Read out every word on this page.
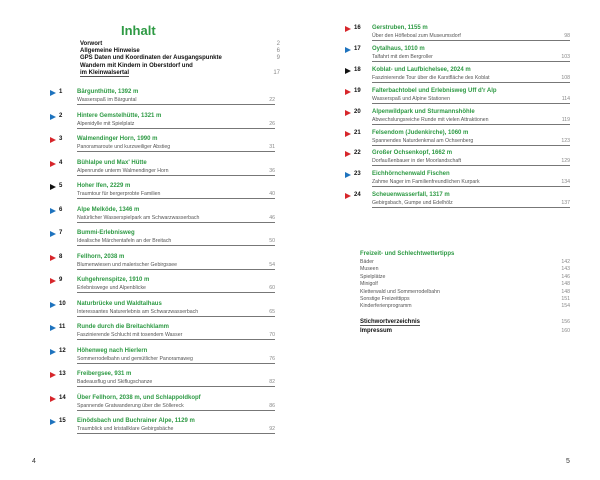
Inhalt
Vorwort	2
Allgemeine Hinweise	6
GPS Daten und Koordinaten der Ausgangspunkte	9
Wandern mit Kindern in Oberstdorf und
im Kleinwalsertal	17
1 Bärgunthütte, 1392 m
Wasserspaß im Bärguntal	22
2 Hintere Gemstelhütte, 1321 m
Alpenidylle mit Spielplatz	26
3 Walmendinger Horn, 1990 m
Panoramaroute und kurzweiliger Abstieg	31
4 Bühlalpe und Max' Hütte
Alpenrunde unterm Walmendinger Horn	36
5 Hoher Ifen, 2229 m
Traumtour für bergerprobte Familien	40
6 Alpe Melköde, 1346 m
Natürlicher Wasserspielpark am Schwarzwasserbach	46
7 Bummi-Erlebnisweg
Idealische Märchentafeln an der Breitach	50
8 Fellhorn, 2038 m
Blumenwiesen und malerischer Gebirgssee	54
9 Kuhgehrenspitze, 1910 m
Erlebniswege und Alpenblicke	60
10 Naturbrücke und Waldtalhaus
Interessantes Naturerlebnis am Schwarzwasserbach	65
11 Runde durch die Breitachklamm
Faszinierende Schlucht mit tosendem Wasser	70
12 Höhenweg nach Hierlern
Sommerrodelbahn und gemütlicher Panoramaweg	76
13 Freibergsee, 931 m
Badeausflug und Skiflugschanze	82
14 Über Fellhorn, 2038 m, und Schlappoldkopf
Spannende Gratwanderung über die Söllereck	86
15 Einödsbach und Buchrainer Alpe, 1129 m
Traumblick und kristallklare Gebirgsbäche	92
4
16 Gerstruben, 1155 m
Über den Höfleboal zum Museumsdorf	98
17 Oytalhaus, 1010 m
Talfahrt mit dem Bergroller	103
18 Koblat- und Laufbichelsee, 2024 m
Faszinierende Tour über die Karstfläche des Koblat	108
19 Falterbachtobel und Erlebnisweg Uff d'r Alp
Wasserspaß und Alpine Stationen	114
20 Alpenwildpark und Sturmannshöhle
Abwechslungsreiche Runde mit vielen Attraktionen	119
21 Felsendom (Judenkirche), 1060 m
Spannendes Naturdenkmal am Ochsenberg	123
22 Großer Ochsenkopf, 1662 m
Dorfaußenbauer in der Moorlandschaft	129
23 Eichhörnchenwald Fischen
Zahme Nager im Familienfreundlichen Kurpark	134
24 Scheuenwasserfall, 1317 m
Gebirgsbach, Gumpe und Edelhölz	137
Freizeit- und Schlechtwettertipps
Bäder	142
Museen	143
Spielplätze	146
Minigolf	148
Kletterwald und Sommerrodelbahn	148
Sonstige Freizeittipps	151
Kinderferienprogramm	154
Stichwortverzeichnis	156
Impressum	160
5
